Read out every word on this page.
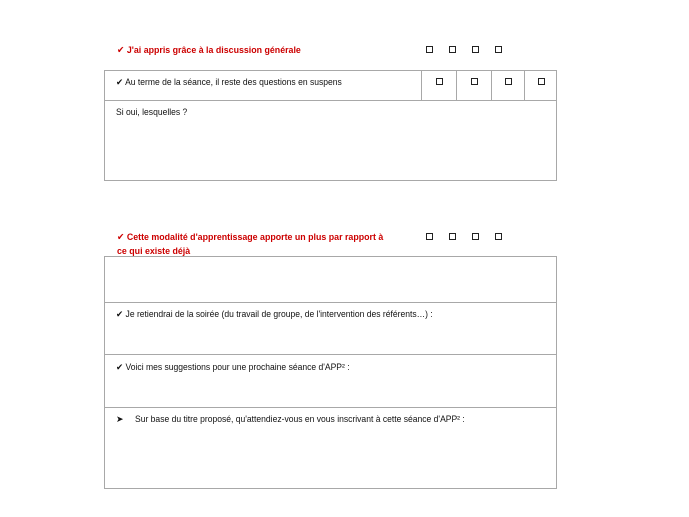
✔ J'ai appris grâce à la discussion générale
✔ Au terme de la séance, il reste des questions en suspens
Si oui, lesquelles ?
✔ Cette modalité d'apprentissage apporte un plus par rapport à
ce qui existe déjà
✔ Je retiendrai de la soirée (du travail de groupe, de l'intervention des référents…) :
✔ Voici mes suggestions pour une prochaine séance d'APP² :
➤ Sur base du titre proposé, qu'attendiez-vous en vous inscrivant à cette séance d'APP² :
